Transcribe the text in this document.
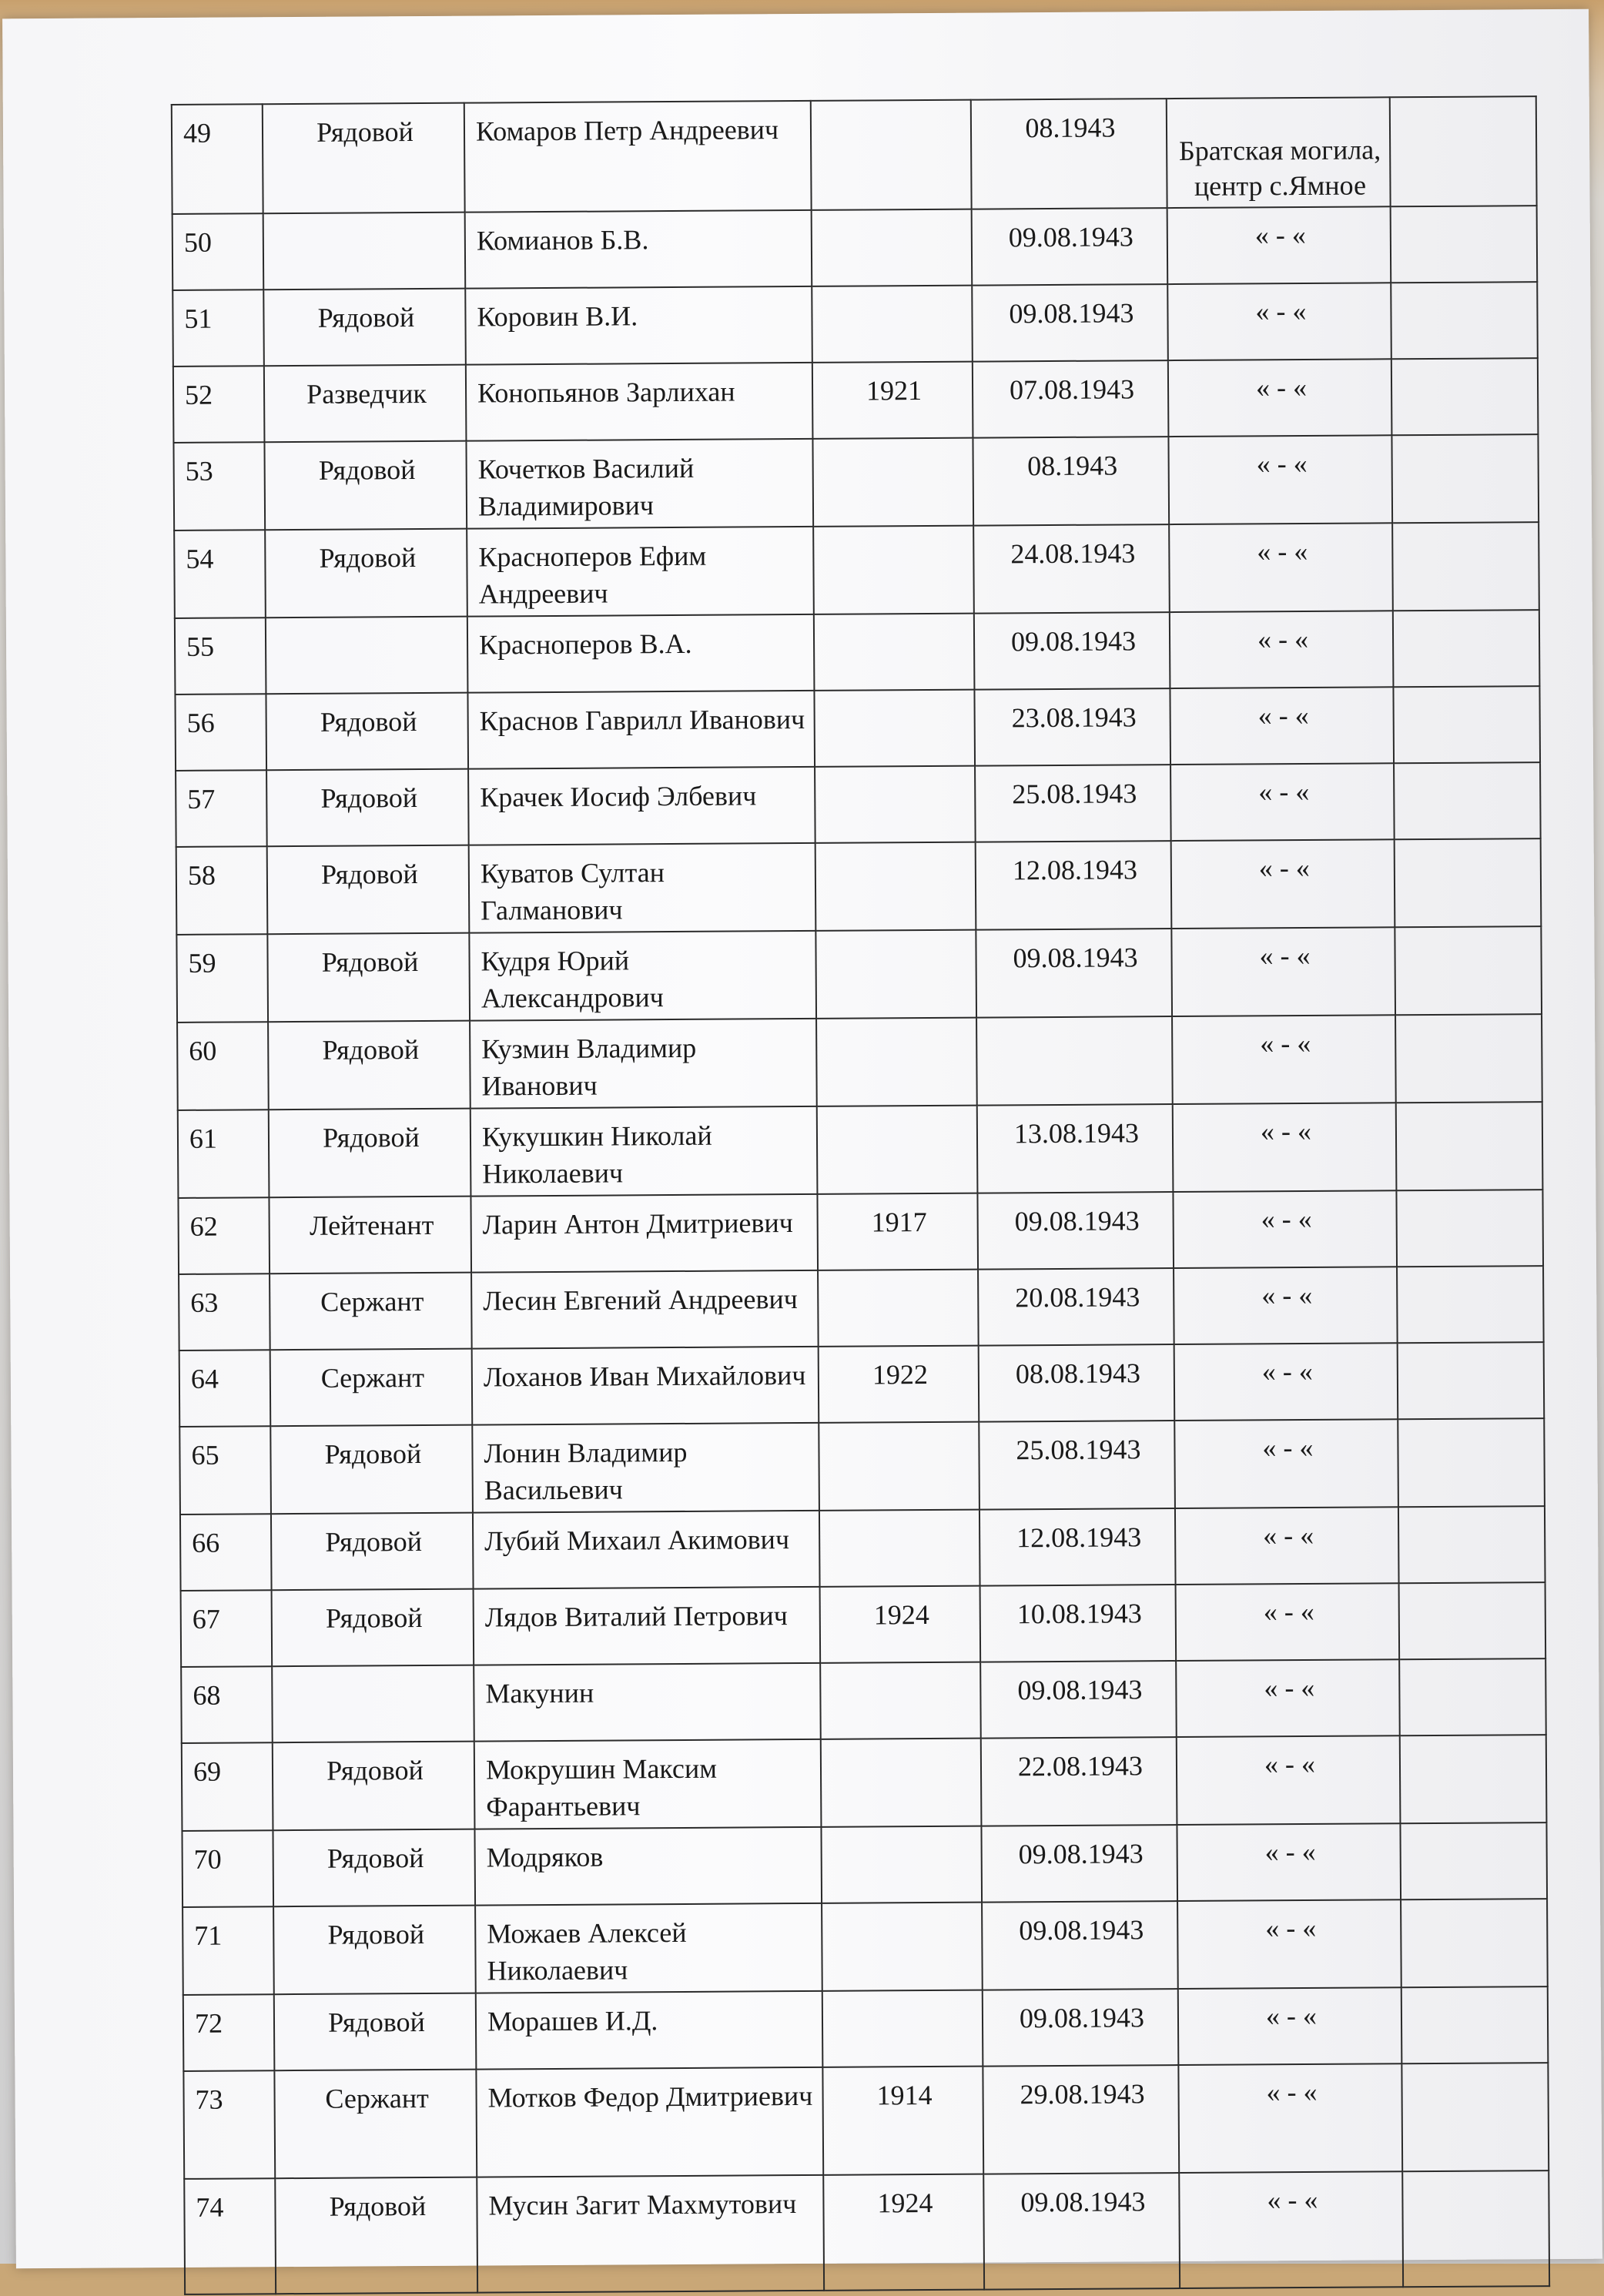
49	Рядовой	Комаров Петр Андреевич		08.1943	Братская могила, центр с.Ямное	
50		Комианов Б.В.		09.08.1943	« - «	
51	Рядовой	Коровин В.И.		09.08.1943	« - «	
52	Разведчик	Конопьянов Зарлихан	1921	07.08.1943	« - «	
53	Рядовой	Кочетков Василий Владимирович		08.1943	« - «	
54	Рядовой	Красноперов Ефим Андреевич		24.08.1943	« - «	
55		Красноперов В.А.		09.08.1943	« - «	
56	Рядовой	Краснов Гаврилл Иванович		23.08.1943	« - «	
57	Рядовой	Крачек Иосиф Элбевич		25.08.1943	« - «	
58	Рядовой	Куватов Султан Галманович		12.08.1943	« - «	
59	Рядовой	Кудря Юрий Александрович		09.08.1943	« - «	
60	Рядовой	Кузмин Владимир Иванович			« - «	
61	Рядовой	Кукушкин Николай Николаевич		13.08.1943	« - «	
62	Лейтенант	Ларин Антон Дмитриевич	1917	09.08.1943	« - «	
63	Сержант	Лесин Евгений Андреевич		20.08.1943	« - «	
64	Сержант	Лоханов Иван Михайлович	1922	08.08.1943	« - «	
65	Рядовой	Лонин Владимир Васильевич		25.08.1943	« - «	
66	Рядовой	Лубий Михаил Акимович		12.08.1943	« - «	
67	Рядовой	Лядов Виталий Петрович	1924	10.08.1943	« - «	
68		Макунин		09.08.1943	« - «	
69	Рядовой	Мокрушин Максим Фарантьевич		22.08.1943	« - «	
70	Рядовой	Модряков		09.08.1943	« - «	
71	Рядовой	Можаев Алексей Николаевич		09.08.1943	« - «	
72	Рядовой	Морашев И.Д.		09.08.1943	« - «	
73	Сержант	Мотков Федор Дмитриевич	1914	29.08.1943	« - «	
74	Рядовой	Мусин Загит Махмутович	1924	09.08.1943	« - «	
